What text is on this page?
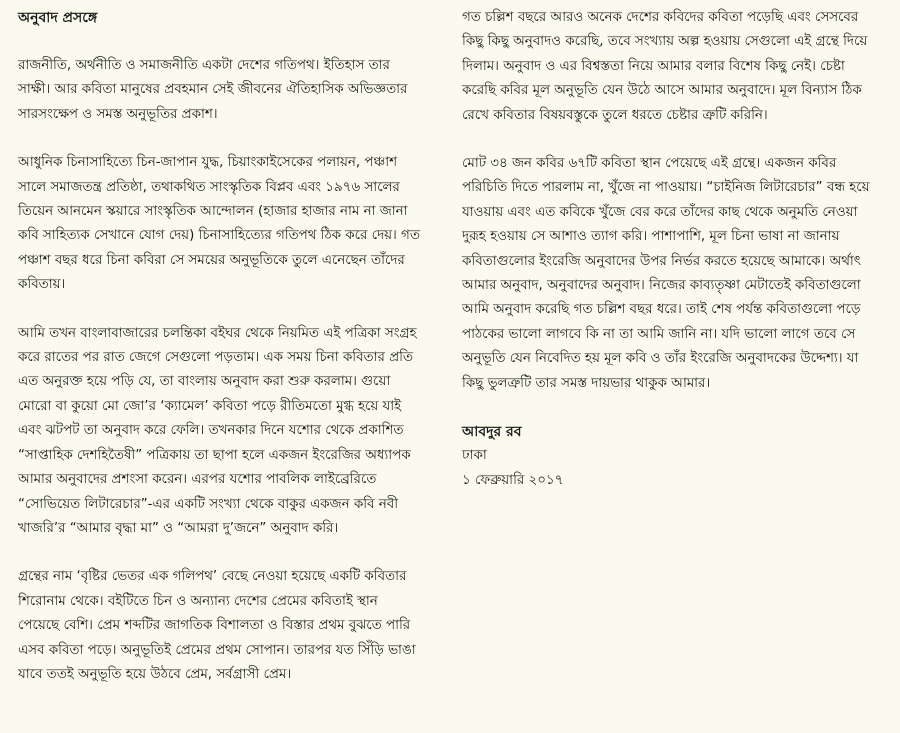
অনুবাদ প্রসঙ্গে

রাজনীতি, অর্থনীতি ও সমাজনীতি একটা দেশের গতিপথ। ইতিহাস তার সাক্ষী। আর কবিতা মানুষের প্রবহমান সেই জীবনের ঐতিহাসিক অভিজ্ঞতার সারসংক্ষেপ ও সমস্ত অনুভূতির প্রকাশ।

আধুনিক চিনাসাহিত্যে চিন-জাপান যুদ্ধ, চিয়াংকাইসেকের পলায়ন, পঞ্চাশ সালে সমাজতন্ত্র প্রতিষ্ঠা, তথাকথিত সাংস্কৃতিক বিপ্লব এবং ১৯৭৬ সালের তিয়েন আনমেন স্কয়ারে সাংস্কৃতিক আন্দোলন (হাজার হাজার নাম না জানা কবি সাহিত্যক সেখানে যোগ দেয়) চিনাসাহিত্যের গতিপথ ঠিক করে দেয়। গত পঞ্চাশ বছর ধরে চিনা কবিরা সে সময়ের অনুভূতিকে তুলে এনেছেন তাঁদের কবিতায়।

আমি তখন বাংলাবাজারের চলন্তিকা বইঘর থেকে নিয়মিত এই পত্রিকা সংগ্রহ করে রাতের পর রাত জেগে সেগুলো পড়তাম। এক সময় চিনা কবিতার প্রতি এত অনুরক্ত হয়ে পড়ি যে, তা বাংলায় অনুবাদ করা শুরু করলাম। গুয়ো মোরো বা কুয়ো মো জো’র ‘ক্যামেল’ কবিতা পড়ে রীতিমতো মুগ্ধ হয়ে যাই এবং ঝটপট তা অনুবাদ করে ফেলি। তখনকার দিনে যশোর থেকে প্রকাশিত “সাপ্তাহিক দেশহিতৈষী” পত্রিকায় তা ছাপা হলে একজন ইংরেজির অধ্যাপক আমার অনুবাদের প্রশংসা করেন। এরপর যশোর পাবলিক লাইব্রেরিতে “সোভিয়েত লিটারেচার”-এর একটি সংখ্যা থেকে বাকুর একজন কবি নবী খাজরি’র “আমার বৃদ্ধা মা” ও “আমরা দু’জনে” অনুবাদ করি।

গ্রন্থের নাম ‘বৃষ্টির ভেতর এক গলিপথ’ বেছে নেওয়া হয়েছে একটি কবিতার শিরোনাম থেকে। বইটিতে চিন ও অন্যান্য দেশের প্রেমের কবিতাই স্থান পেয়েছে বেশি। প্রেম শব্দটির জাগতিক বিশালতা ও বিস্তার প্রথম বুঝতে পারি এসব কবিতা পড়ে। অনুভূতিই প্রেমের প্রথম সোপান। তারপর যত সিঁড়ি ভাঙা যাবে ততই অনুভূতি হয়ে উঠবে প্রেম, সর্বগ্রাসী প্রেম।

গত চল্লিশ বছরে আরও অনেক দেশের কবিদের কবিতা পড়েছি এবং সেসবের কিছু কিছু অনুবাদও করেছি, তবে সংখ্যায় অল্প হওয়ায় সেগুলো এই গ্রন্থে দিয়ে দিলাম। অনুবাদ ও এর বিশ্বস্ততা নিয়ে আমার বলার বিশেষ কিছু নেই। চেষ্টা করেছি কবির মূল অনুভূতি যেন উঠে আসে আমার অনুবাদে। মূল বিন্যাস ঠিক রেখে কবিতার বিষয়বস্তুকে তুলে ধরতে চেষ্টার ত্রুটি করিনি।

মোট ৩৪ জন কবির ৬৭টি কবিতা স্থান পেয়েছে এই গ্রন্থে। একজন কবির পরিচিতি দিতে পারলাম না, খুঁজে না পাওয়ায়। “চাইনিজ লিটারেচার” বন্ধ হয়ে যাওয়ায় এবং এত কবিকে খুঁজে বের করে তাঁদের কাছ থেকে অনুমতি নেওয়া দুরূহ হওয়ায় সে আশাও ত্যাগ করি। পাশাপাশি, মূল চিনা ভাষা না জানায় কবিতাগুলোর ইংরেজি অনুবাদের উপর নির্ভর করতে হয়েছে আমাকে। অর্থাৎ আমার অনুবাদ, অনুবাদের অনুবাদ। নিজের কাব্যতৃষ্ণা মেটাতেই কবিতাগুলো আমি অনুবাদ করেছি গত চল্লিশ বছর ধরে। তাই শেষ পর্যন্ত কবিতাগুলো পড়ে পাঠকের ভালো লাগবে কি না তা আমি জানি না। যদি ভালো লাগে তবে সে অনুভূতি যেন নিবেদিত হয় মূল কবি ও তাঁর ইংরেজি অনুবাদকের উদ্দেশ্য। যা কিছু ভুলত্রুটি তার সমস্ত দায়ভার থাকুক আমার।

আবদুর রব
ঢাকা
১ ফেব্রুয়ারি ২০১৭
